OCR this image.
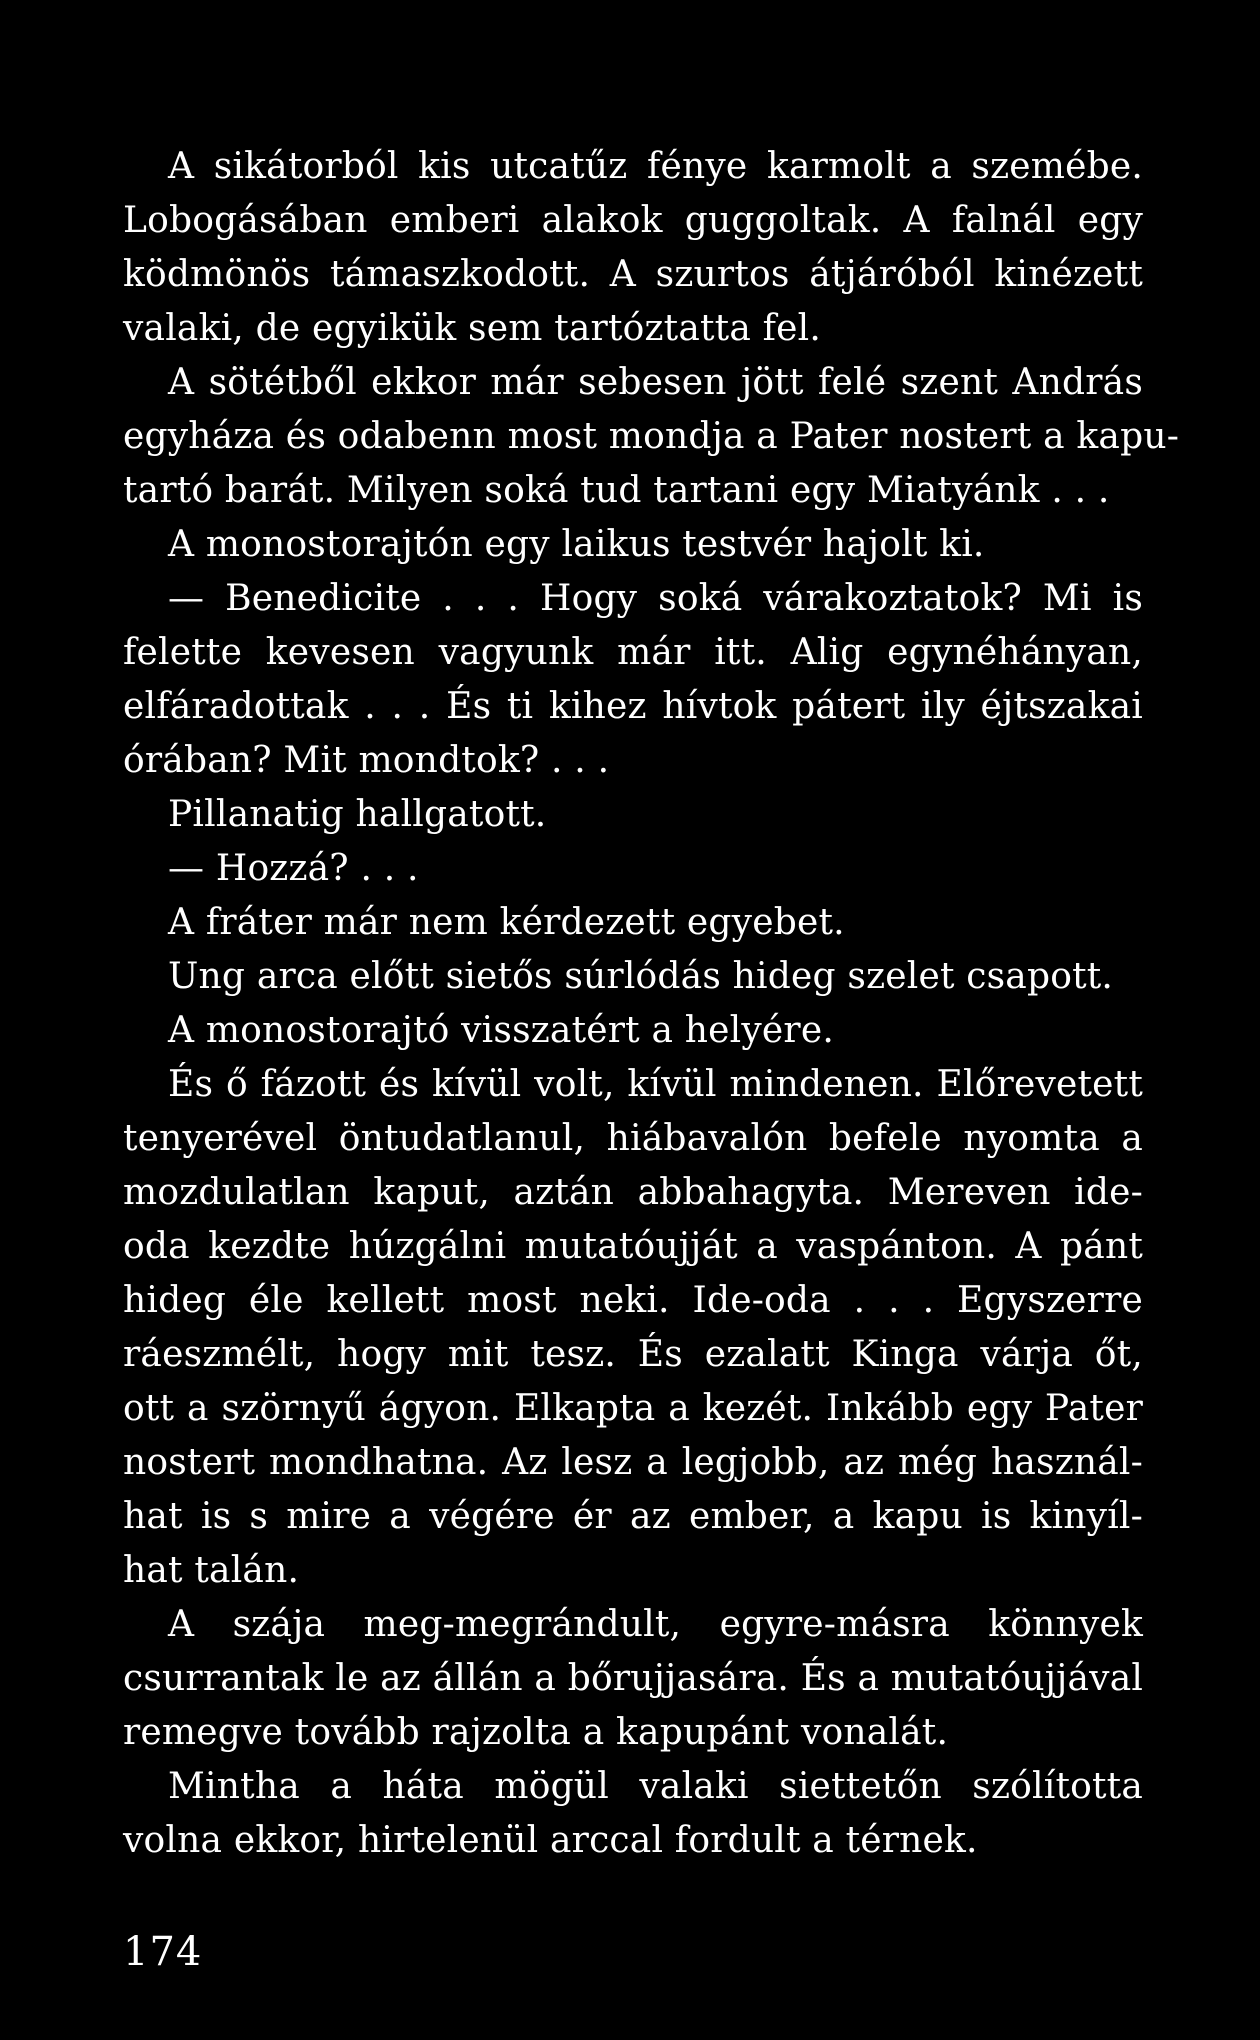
A sikátorból kis utcatűz fénye karmolt a szemébe.
Lobogásában emberi alakok guggoltak. A falnál egy
ködmönös támaszkodott. A szurtos átjáróból kinézett
valaki, de egyikük sem tartóztatta fel.
A sötétből ekkor már sebesen jött felé szent András
egyháza és odabenn most mondja a Pater nostert a kapu-
tartó barát. Milyen soká tud tartani egy Miatyánk . . .
A monostorajtón egy laikus testvér hajolt ki.
— Benedicite . . . Hogy soká várakoztatok? Mi is
felette kevesen vagyunk már itt. Alig egynéhányan,
elfáradottak . . . És ti kihez hívtok pátert ily éjtszakai
órában? Mit mondtok? . . .
Pillanatig hallgatott.
— Hozzá? . . .
A fráter már nem kérdezett egyebet.
Ung arca előtt sietős súrlódás hideg szelet csapott.
A monostorajtó visszatért a helyére.
És ő fázott és kívül volt, kívül mindenen. Előrevetett
tenyerével öntudatlanul, hiábavalón befele nyomta a
mozdulatlan kaput, aztán abbahagyta. Mereven ide-
oda kezdte húzgálni mutatóujját a vaspánton. A pánt
hideg éle kellett most neki. Ide-oda . . . Egyszerre
ráeszmélt, hogy mit tesz. És ezalatt Kinga várja őt,
ott a szörnyű ágyon. Elkapta a kezét. Inkább egy Pater
nostert mondhatna. Az lesz a legjobb, az még használ-
hat is s mire a végére ér az ember, a kapu is kinyíl-
hat talán.
A szája meg-megrándult, egyre-másra könnyek
csurrantak le az állán a bőrujjasára. És a mutatóujjával
remegve tovább rajzolta a kapupánt vonalát.
Mintha a háta mögül valaki siettetőn szólította
volna ekkor, hirtelenül arccal fordult a térnek.
174
